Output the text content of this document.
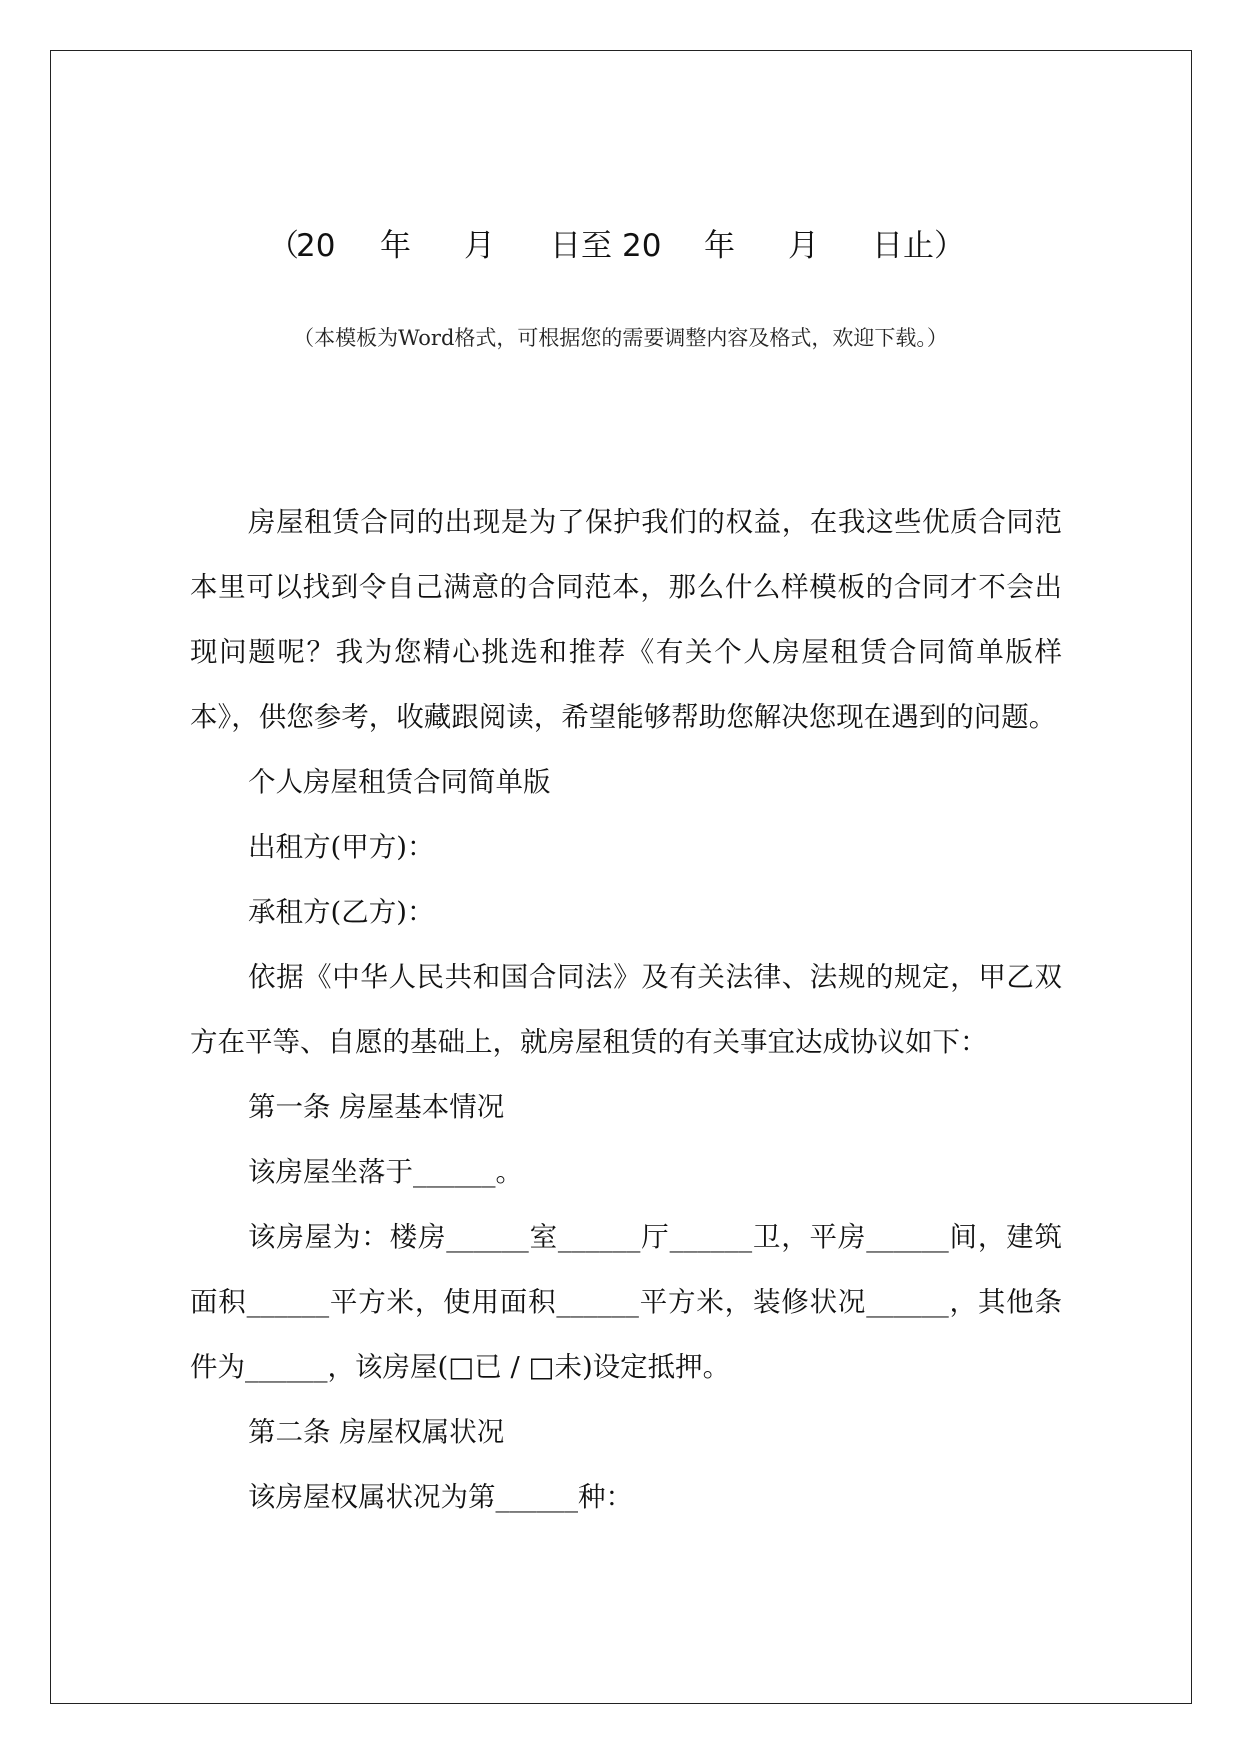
（
20 年 月 日至 20 年 月 日止）
（本模板为Word格式，可根据您的需要调整内容及格式，欢迎下载。）

房屋租赁合同的出现是为了保护我们的权益，在我这些优质合同范本里可以找到令自己满意的合同范本，那么什么样模板的合同才不会出现问题呢？我为您精心挑选和推荐《有关个人房屋租赁合同简单版样本》，供您参考，收藏跟阅读，希望能够帮助您解决您现在遇到的问题。

个人房屋租赁合同简单版

出租方(甲方)：

承租方(乙方)：

依据《中华人民共和国合同法》及有关法律、法规的规定，甲乙双方在平等、自愿的基础上，就房屋租赁的有关事宜达成协议如下：

第一条 房屋基本情况

该房屋坐落于______。

该房屋为：楼房______室______厅______卫，平房______间，建筑面积______平方米，使用面积______平方米，装修状况______，其他条件为______，该房屋(□已 / □未)设定抵押。

第二条 房屋权属状况

该房屋权属状况为第______种：
